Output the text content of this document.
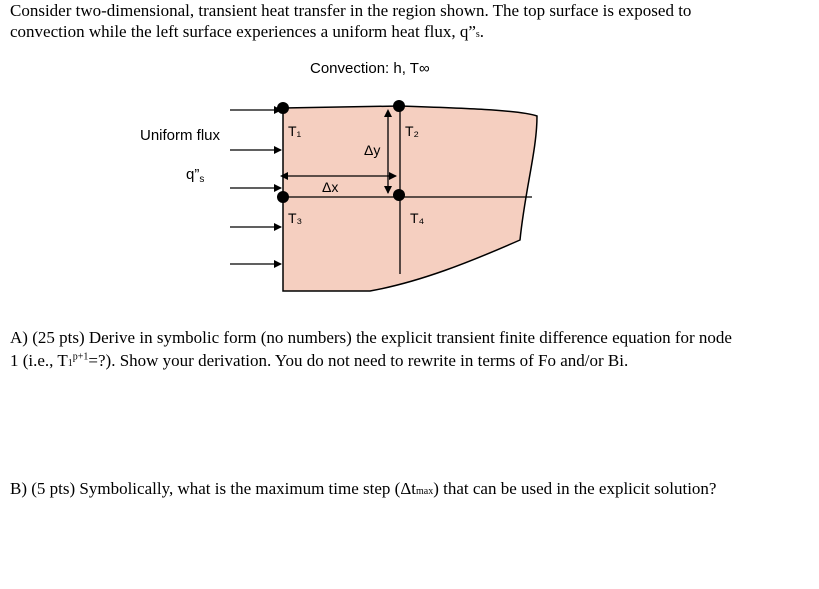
Consider two-dimensional, transient heat transfer in the region shown. The top surface is exposed to
convection while the left surface experiences a uniform heat flux, q”s.
Convection: h, T∞
T₁	T₂
T₃	T₄
Δx
Δy
Uniform flux
$q”_s$
A) (25 pts) Derive in symbolic form (no numbers) the explicit transient finite difference equation for node
1 (i.e., $T1^{p+1}=$?). Show your derivation. You do not need to rewrite in terms of Fo and/or Bi.
B) (5 pts) Symbolically, what is the maximum time step (Δtmax) that can be used in the explicit solution?
